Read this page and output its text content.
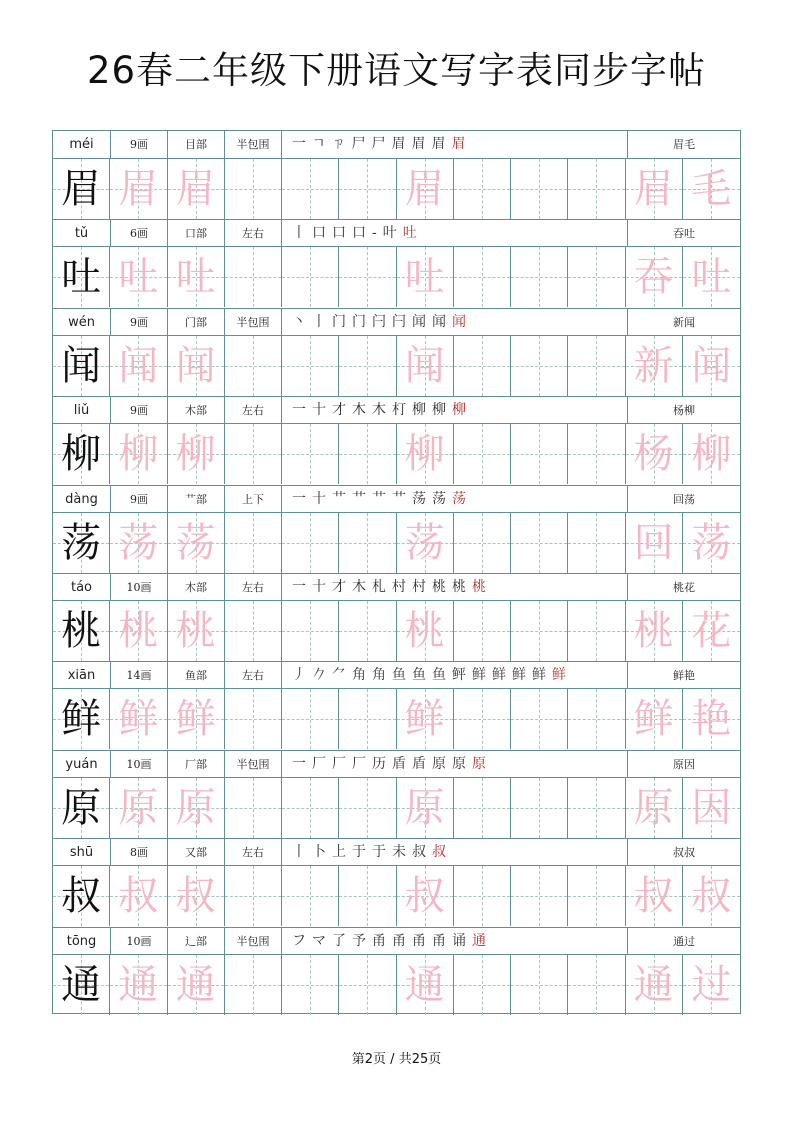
26春二年级下册语文写字表同步字帖
méi	9画	目部	半包围	一ㄱㄗ尸尸眉眉眉眉	眉毛
眉 眉 眉	眉	眉 毛
tǔ	6画	口部	左右	丨口口口-叶吐	吞吐
吐 吐 吐	吐	吞 吐
wén	9画	门部	半包围	丶丨门门闩闩闻闻闻	新闻
闻 闻 闻	闻	新 闻
liǔ	9画	木部	左右	一十才木木朾柳柳柳	杨柳
柳 柳 柳	柳	杨 柳
dàng	9画	艹部	上下	一十艹艹艹艹荡荡荡	回荡
荡 荡 荡	荡	回 荡
táo	10画	木部	左右	一十才木札村村桃桃桃	桃花
桃 桃 桃	桃	桃 花
xiān	14画	鱼部	左右	丿𠂊⺈角角鱼鱼鱼鲆鲜鲜鲜鲜鲜	鲜艳
鲜 鲜 鲜	鲜	鲜 艳
yuán	10画	厂部	半包围	一厂厂厂历盾盾原原原	原因
原 原 原	原	原 因
shū	8画	又部	左右	丨卜上于于未叔叔	叔叔
叔 叔 叔	叔	叔 叔
tōng	10画	辶部	半包围	フマ了予甬甬甬甬诵通	通过
通 通 通	通	通 过
第2页 / 共25页
